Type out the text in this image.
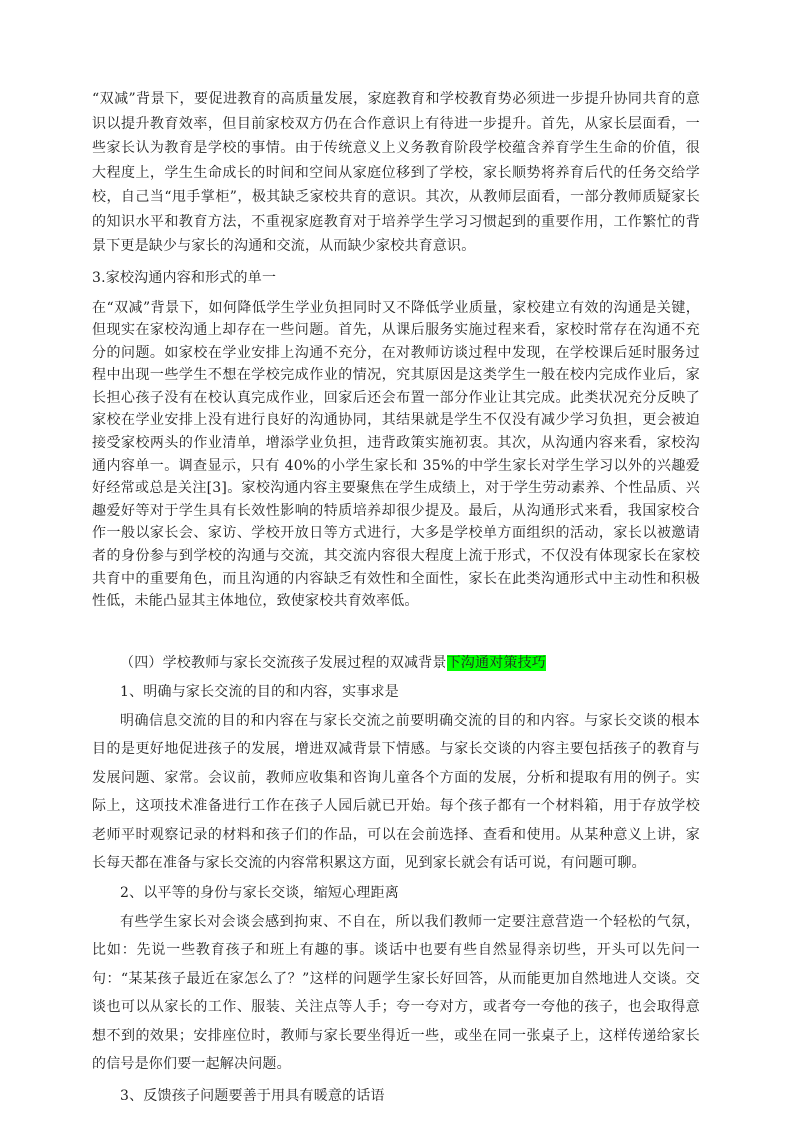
“双减”背景下，要促进教育的高质量发展，家庭教育和学校教育势必须进一步提升协同共育的意识以提升教育效率，但目前家校双方仍在合作意识上有待进一步提升。首先，从家长层面看，一些家长认为教育是学校的事情。由于传统意义上义务教育阶段学校蕴含养育学生生命的价值，很大程度上，学生生命成长的时间和空间从家庭位移到了学校，家长顺势将养育后代的任务交给学校，自己当“甩手掌柜”，极其缺乏家校共育的意识。其次，从教师层面看，一部分教师质疑家长的知识水平和教育方法，不重视家庭教育对于培养学生学习习惯起到的重要作用，工作繁忙的背景下更是缺少与家长的沟通和交流，从而缺少家校共育意识。

3.家校沟通内容和形式的单一

在“双减”背景下，如何降低学生学业负担同时又不降低学业质量，家校建立有效的沟通是关键，但现实在家校沟通上却存在一些问题。首先，从课后服务实施过程来看，家校时常存在沟通不充分的问题。如家校在学业安排上沟通不充分，在对教师访谈过程中发现，在学校课后延时服务过程中出现一些学生不想在学校完成作业的情况，究其原因是这类学生一般在校内完成作业后，家长担心孩子没有在校认真完成作业，回家后还会布置一部分作业让其完成。此类状况充分反映了家校在学业安排上没有进行良好的沟通协同，其结果就是学生不仅没有减少学习负担，更会被迫接受家校两头的作业清单，增添学业负担，违背政策实施初衷。其次，从沟通内容来看，家校沟通内容单一。调查显示，只有 40%的小学生家长和 35%的中学生家长对学生学习以外的兴趣爱好经常或总是关注[3]。家校沟通内容主要聚焦在学生成绩上，对于学生劳动素养、个性品质、兴趣爱好等对于学生具有长效性影响的特质培养却很少提及。最后，从沟通形式来看，我国家校合作一般以家长会、家访、学校开放日等方式进行，大多是学校单方面组织的活动，家长以被邀请者的身份参与到学校的沟通与交流，其交流内容很大程度上流于形式，不仅没有体现家长在家校共育中的重要角色，而且沟通的内容缺乏有效性和全面性，家长在此类沟通形式中主动性和积极性低，未能凸显其主体地位，致使家校共育效率低。

（四）学校教师与家长交流孩子发展过程的双减背景下沟通对策技巧

1、明确与家长交流的目的和内容，实事求是

明确信息交流的目的和内容在与家长交流之前要明确交流的目的和内容。与家长交谈的根本目的是更好地促进孩子的发展，增进双减背景下情感。与家长交谈的内容主要包括孩子的教育与发展问题、家常。会议前，教师应收集和咨询儿童各个方面的发展，分析和提取有用的例子。实际上，这项技术准备进行工作在孩子人园后就已开始。每个孩子都有一个材料箱，用于存放学校老师平时观察记录的材料和孩子们的作品，可以在会前选择、查看和使用。从某种意义上讲，家长每天都在准备与家长交流的内容常积累这方面，见到家长就会有话可说，有问题可聊。

2、以平等的身份与家长交谈，缩短心理距离

有些学生家长对会谈会感到拘束、不自在，所以我们教师一定要注意营造一个轻松的气氛，比如：先说一些教育孩子和班上有趣的事。谈话中也要有些自然显得亲切些，开头可以先问一句：“某某孩子最近在家怎么了？”这样的问题学生家长好回答，从而能更加自然地进人交谈。交谈也可以从家长的工作、服装、关注点等人手；夸一夸对方，或者夸一夸他的孩子，也会取得意想不到的效果；安排座位时，教师与家长要坐得近一些，或坐在同一张桌子上，这样传递给家长的信号是你们要一起解决问题。

3、反馈孩子问题要善于用具有暖意的话语
